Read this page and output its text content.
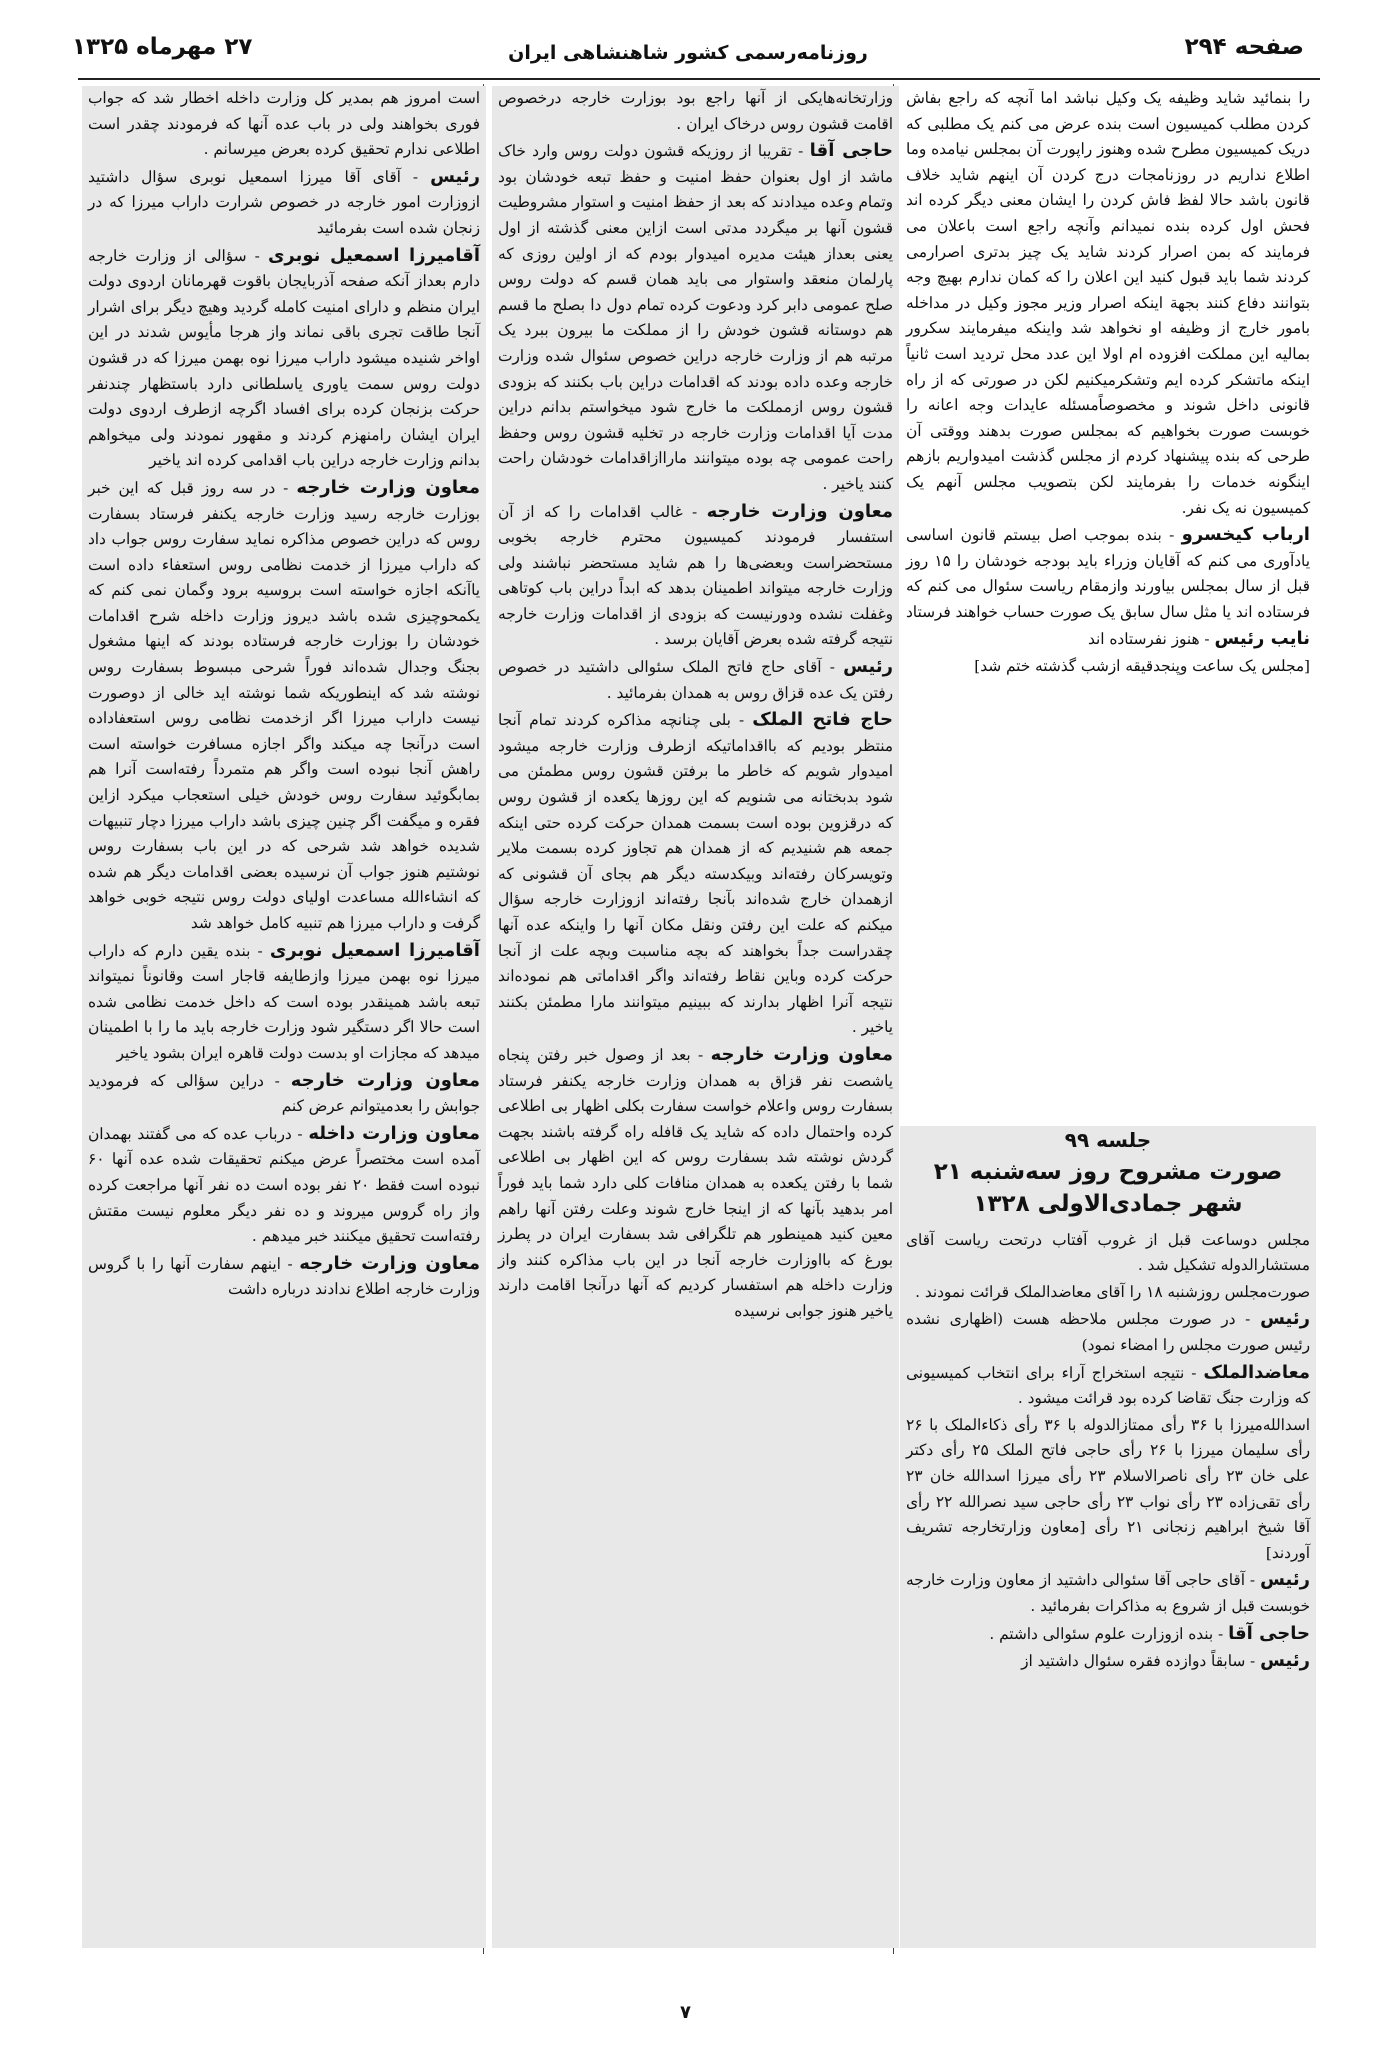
صفحه ۲۹۴
روزنامه‌رسمی کشور شاهنشاهی ایران
۲۷ مهرماه ۱۳۲۵

را بنمائید شاید وظیفه یک وکیل نباشد اما آنچه که راجع بفاش کردن مطلب کمیسیون است بنده عرض می کنم یک مطلبی که دریک کمیسیون مطرح شده وهنوز راپورت آن بمجلس نیامده وما اطلاع نداریم در روزنامجات درج کردن آن اینهم شاید خلاف قانون باشد حالا لفظ فاش کردن را ایشان معنی دیگر کرده اند فحش اول کرده بنده نمیدانم وآنچه راجع است باعلان می فرمایند که بمن اصرار کردند شاید یک چیز بدتری اصرارمی کردند شما باید قبول کنید این اعلان را که کمان ندارم بهیچ وجه بتوانند دفاع کنند بجهة اینکه اصرار وزیر مجوز وکیل در مداخله بامور خارج از وظیفه او نخواهد شد واینکه میفرمایند سکرور بمالیه این مملکت افزوده ام اولا این عدد محل تردید است ثانیاً اینکه ماتشکر کرده ایم وتشکرمیکنیم لکن در صورتی که از راه قانونی داخل شوند و مخصوصاًمسئله عایدات وجه اعانه را خوبست صورت بخواهیم که بمجلس صورت بدهند ووقتی آن طرحی که بنده پیشنهاد کردم از مجلس گذشت امیدواریم بازهم اینگونه خدمات را بفرمایند لکن بتصویب مجلس آنهم یک کمیسیون نه یک نفر.

ارباب کیخسرو - بنده بموجب اصل بیستم قانون اساسی یادآوری می کنم که آقایان وزراء باید بودجه خودشان را ۱۵ روز قبل از سال بمجلس بیاورند وازمقام ریاست سئوال می کنم که فرستاده اند یا مثل سال سابق یک صورت حساب خواهند فرستاد

نایب رئیس - هنوز نفرستاده اند

[مجلس یک ساعت وپنجدقیقه ازشب گذشته ختم شد]

جلسه ۹۹
صورت مشروح روز سه‌شنبه ۲۱ شهر جمادی‌الاولی ۱۳۲۸

مجلس دوساعت قبل از غروب آفتاب درتحت ریاست آقای مستشارالدوله تشکیل شد .

صورت‌مجلس روزشنبه ۱۸ را آقای معاضدالملک قرائت نمودند .

رئیس - در صورت مجلس ملاحظه هست (اظهاری نشده رئیس صورت مجلس را امضاء نمود)

معاضدالملک - نتیجه استخراج آراء برای انتخاب کمیسیونی که وزارت جنگ تقاضا کرده بود قرائت میشود .

اسدالله‌میرزا با ۳۶ رأی ممتازالدوله با ۳۶ رأی ذکاءالملک با ۲۶ رأی سلیمان میرزا با ۲۶ رأی حاجی فاتح الملک ۲۵ رأی دکتر علی خان ۲۳ رأی ناصرالاسلام ۲۳ رأی میرزا اسدالله خان ۲۳ رأی تقی‌زاده ۲۳ رأی نواب ۲۳ رأی حاجی سید نصرالله ۲۲ رأی آقا شیخ ابراهیم زنجانی ۲۱ رأی [معاون وزارتخارجه تشریف آوردند]

رئیس - آقای حاجی آقا سئوالی داشتید از معاون وزارت خارجه خوبست قبل از شروع به مذاکرات بفرمائید .

حاجی آقا - بنده ازوزارت علوم سئوالی داشتم .

رئیس - سابقاً دوازده فقره سئوال داشتید از

وزارتخانه‌هایکی از آنها راجع بود بوزارت خارجه درخصوص اقامت قشون روس درخاک ایران .

حاجی آقا - تقریبا از روزیکه قشون دولت روس وارد خاک ماشد از اول بعنوان حفظ امنیت و حفظ تبعه خودشان بود وتمام وعده میدادند که بعد از حفظ امنیت و استوار مشروطیت قشون آنها بر میگردد مدتی است ازاین معنی گذشته از اول یعنی بعداز هیئت مدیره امیدوار بودم که از اولین روزی که پارلمان منعقد واستوار می باید همان قسم که دولت روس صلح عمومی دابر کرد ودعوت کرده تمام دول دا بصلح ما قسم هم دوستانه قشون خودش را از مملکت ما بیرون ببرد یک مرتبه هم از وزارت خارجه دراین خصوص سئوال شده وزارت خارجه وعده داده بودند که اقدامات دراین باب بکنند که بزودی قشون روس ازمملکت ما خارج شود میخواستم بدانم دراین مدت آیا اقدامات وزارت خارجه در تخلیه قشون روس وحفظ راحت عمومی چه بوده میتوانند ماراازاقدامات خودشان راحت کنند یاخیر .

معاون وزارت خارجه - غالب اقدامات را که از آن استفسار فرمودند کمیسیون محترم خارجه بخوبی مستحضراست وبعضی‌ها را هم شاید مستحضر نباشند ولی وزارت خارجه میتواند اطمینان بدهد که ابداً دراین باب کوتاهی وغفلت نشده ودورنیست که بزودی از اقدامات وزارت خارجه نتیجه گرفته شده بعرض آقایان برسد .

رئیس - آقای حاج فاتح الملک سئوالی داشتید در خصوص رفتن یک عده قزاق روس به همدان بفرمائید .

حاج فاتح الملک - بلی چنانچه مذاکره کردند تمام آنجا منتظر بودیم که بااقداماتیکه ازطرف وزارت خارجه میشود امیدوار شویم که خاطر ما برفتن قشون روس مطمئن می شود بدبختانه می شنویم که این روزها یکعده از قشون روس که درقزوین بوده است بسمت همدان حرکت کرده حتی اینکه جمعه هم شنیدیم که از همدان هم تجاوز کرده بسمت ملایر وتویسرکان رفته‌اند وبیکدسته دیگر هم بجای آن قشونی که ازهمدان خارج شده‌اند بآنجا رفته‌اند ازوزارت خارجه سؤال میکنم که علت این رفتن ونقل مکان آنها را واینکه عده آنها چقدراست جداً بخواهند که بچه مناسبت وبچه علت از آنجا حرکت کرده وباین نقاط رفته‌اند واگر اقداماتی هم نموده‌اند نتیجه آنرا اظهار بدارند که ببینیم میتوانند مارا مطمئن بکنند یاخیر .

معاون وزارت خارجه - بعد از وصول خبر رفتن پنجاه یاشصت نفر قزاق به همدان وزارت خارجه یکنفر فرستاد بسفارت روس واعلام خواست سفارت بکلی اظهار بی اطلاعی کرده واحتمال داده که شاید یک قافله راه گرفته باشند بجهت گردش نوشته شد بسفارت روس که این اظهار بی اطلاعی شما با رفتن یکعده به همدان منافات کلی دارد شما باید فوراً امر بدهید بآنها که از اینجا خارج شوند وعلت رفتن آنها راهم معین کنید همینطور هم تلگرافی شد بسفارت ایران در پطرز بورغ که بااوزارت خارجه آنجا در این باب مذاکره کنند واز وزارت داخله هم استفسار کردیم که آنها درآنجا اقامت دارند یاخیر هنوز جوابی نرسیده

است امروز هم بمدیر کل وزارت داخله اخطار شد که جواب فوری بخواهند ولی در باب عده آنها که فرمودند چقدر است اطلاعی ندارم تحقیق کرده بعرض میرسانم .

رئیس - آقای آقا میرزا اسمعیل نوبری سؤال داشتید ازوزارت امور خارجه در خصوص شرارت داراب میرزا که در زنجان شده است بفرمائید

آقامیرزا اسمعیل نوبری - سؤالی از وزارت خارجه دارم بعداز آنکه صفحه آذربایجان باقوت قهرمانان اردوی دولت ایران منظم و دارای امنیت کامله گردید وهیچ دیگر برای اشرار آنجا طاقت تجری باقی نماند واز هرجا مأیوس شدند در این اواخر شنیده میشود داراب میرزا نوه بهمن میرزا که در قشون دولت روس سمت یاوری یاسلطانی دارد باستظهار چندنفر حرکت بزنجان کرده برای افساد اگرچه ازطرف اردوی دولت ایران ایشان رامنهزم کردند و مقهور نمودند ولی میخواهم بدانم وزارت خارجه دراین باب اقدامی کرده اند یاخیر

معاون وزارت خارجه - در سه روز قبل که این خبر بوزارت خارجه رسید وزارت خارجه یکنفر فرستاد بسفارت روس که دراین خصوص مذاکره نماید سفارت روس جواب داد که داراب میرزا از خدمت نظامی روس استعفاء داده است یاآنکه اجازه خواسته است بروسیه برود وگمان نمی کنم که یکمحوچیزی شده باشد دیروز وزارت داخله شرح اقدامات خودشان را بوزارت خارجه فرستاده بودند که اینها مشغول بجنگ وجدال شده‌اند فوراً شرحی مبسوط بسفارت روس نوشته شد که اینطوریکه شما نوشته اید خالی از دوصورت نیست داراب میرزا اگر ازخدمت نظامی روس استعفاداده است درآنجا چه میکند واگر اجازه مسافرت خواسته است راهش آنجا نبوده است واگر هم متمرداً رفته‌است آنرا هم بمابگوئید سفارت روس خودش خیلی استعجاب میکرد ازاین فقره و میگفت اگر چنین چیزی باشد داراب میرزا دچار تنبیهات شدیده خواهد شد شرحی که در این باب بسفارت روس نوشتیم هنوز جواب آن نرسیده بعضی اقدامات دیگر هم شده که انشاءالله مساعدت اولیای دولت روس نتیجه خوبی خواهد گرفت و داراب میرزا هم تنبیه کامل خواهد شد

آقامیرزا اسمعیل نوبری - بنده یقین دارم که داراب میرزا نوه بهمن میرزا وازطایفه قاجار است وقانوناً نمیتواند تبعه باشد همینقدر بوده است که داخل خدمت نظامی شده است حالا اگر دستگیر شود وزارت خارجه باید ما را با اطمینان میدهد که مجازات او بدست دولت قاهره ایران بشود یاخیر

معاون وزارت خارجه - دراین سؤالی که فرمودید جوابش را بعدمیتوانم عرض کنم

معاون وزارت داخله - درباب عده که می گفتند بهمدان آمده است مختصراً عرض میکنم تحقیقات شده عده آنها ۶۰ نبوده است فقط ۲۰ نفر بوده است ده نفر آنها مراجعت کرده واز راه گروس میروند و ده نفر دیگر معلوم نیست مقتش رفته‌است تحقیق میکنند خبر میدهم .

معاون وزارت خارجه - اینهم سفارت آنها را با گروس وزارت خارجه اطلاع ندادند درباره داشت

۷
